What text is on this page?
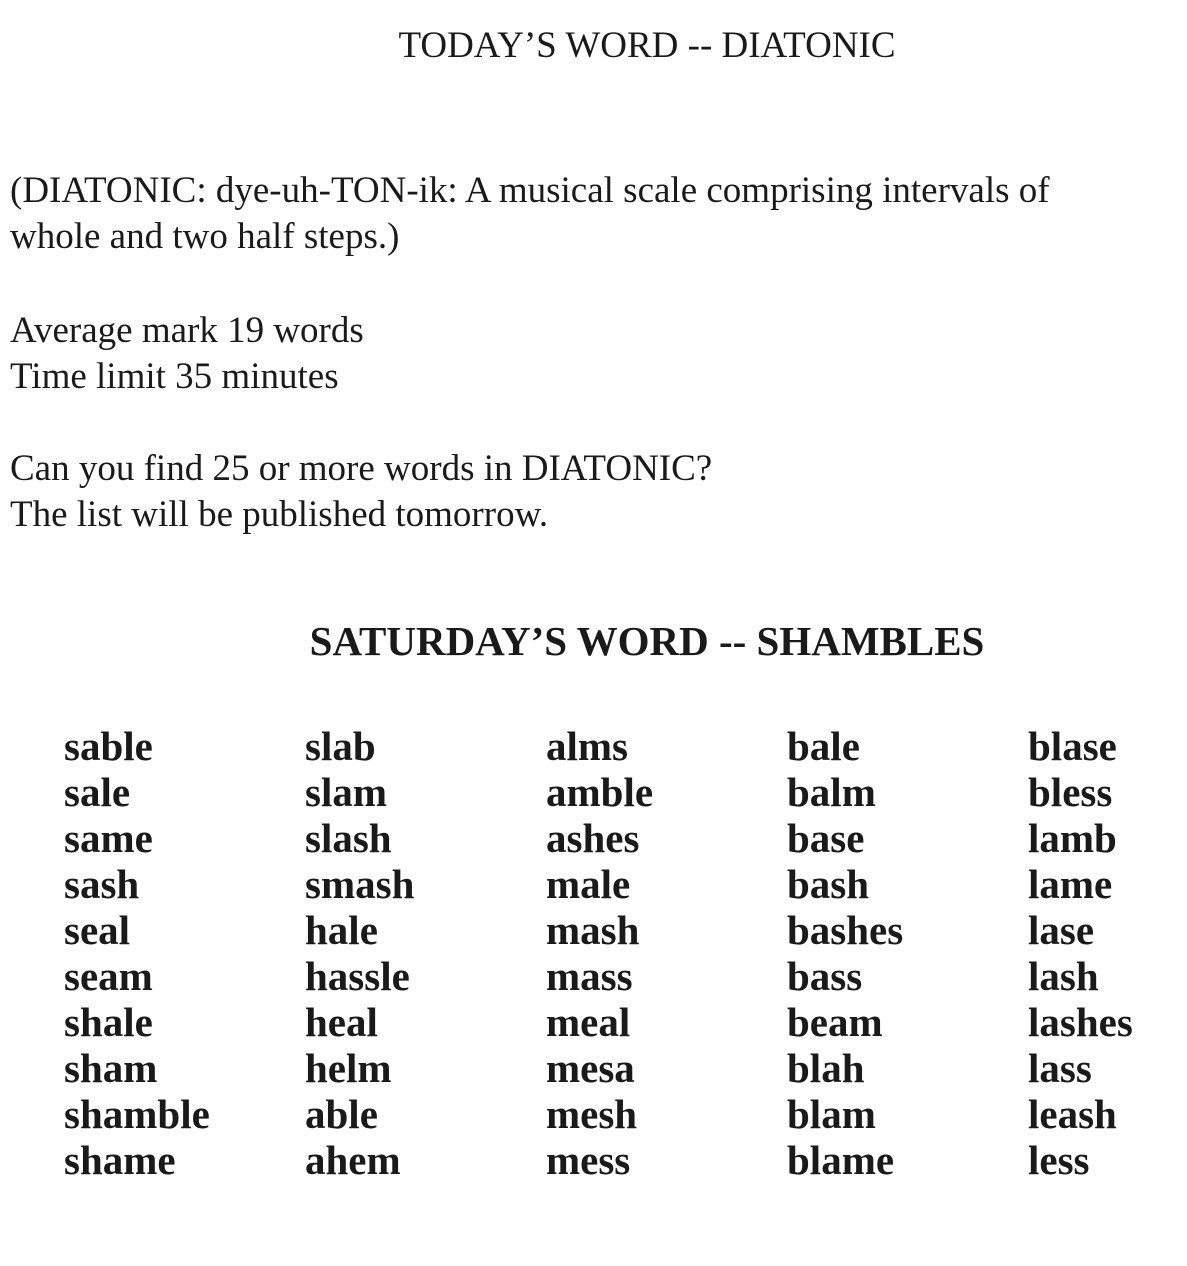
TODAY’S WORD -- DIATONIC
(DIATONIC: dye-uh-TON-ik: A musical scale comprising intervals of
whole and two half steps.)
Average mark 19 words
Time limit 35 minutes
Can you find 25 or more words in DIATONIC?
The list will be published tomorrow.
SATURDAY’S WORD -- SHAMBLES
sable
sale
same
sash
seal
seam
shale
sham
shamble
shame
slab
slam
slash
smash
hale
hassle
heal
helm
able
ahem
alms
amble
ashes
male
mash
mass
meal
mesa
mesh
mess
bale
balm
base
bash
bashes
bass
beam
blah
blam
blame
blase
bless
lamb
lame
lase
lash
lashes
lass
leash
less
